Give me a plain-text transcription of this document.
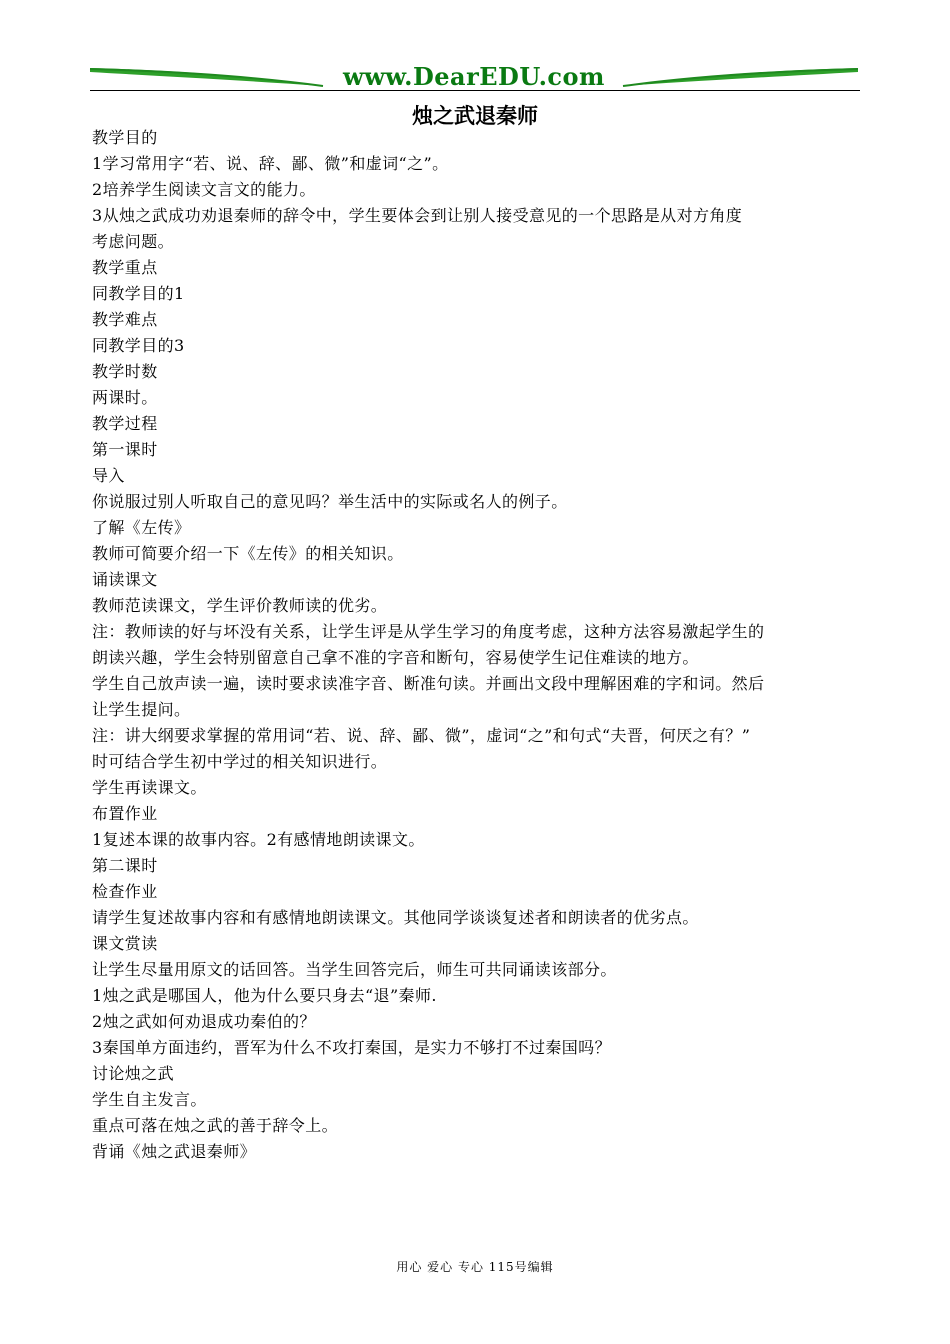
www.DearEDU.com
烛之武退秦师
教学目的
1学习常用字“若、说、辞、鄙、微”和虚词“之”。
2培养学生阅读文言文的能力。
3从烛之武成功劝退秦师的辞令中，学生要体会到让别人接受意见的一个思路是从对方角度
考虑问题。
教学重点
同教学目的1
教学难点
同教学目的3
教学时数
两课时。
教学过程
第一课时
导入
你说服过别人听取自己的意见吗？举生活中的实际或名人的例子。
了解《左传》
教师可简要介绍一下《左传》的相关知识。
诵读课文
教师范读课文，学生评价教师读的优劣。
注：教师读的好与坏没有关系，让学生评是从学生学习的角度考虑，这种方法容易激起学生的
朗读兴趣，学生会特别留意自己拿不准的字音和断句，容易使学生记住难读的地方。
学生自己放声读一遍，读时要求读准字音、断准句读。并画出文段中理解困难的字和词。然后
让学生提问。
注：讲大纲要求掌握的常用词“若、说、辞、鄙、微”，虚词“之”和句式“夫晋，何厌之有？”
时可结合学生初中学过的相关知识进行。
学生再读课文。
布置作业
1复述本课的故事内容。2有感情地朗读课文。
第二课时
检查作业
请学生复述故事内容和有感情地朗读课文。其他同学谈谈复述者和朗读者的优劣点。
课文赏读
让学生尽量用原文的话回答。当学生回答完后，师生可共同诵读该部分。
1烛之武是哪国人，他为什么要只身去“退”秦师.
2烛之武如何劝退成功秦伯的？
3秦国单方面违约，晋军为什么不攻打秦国，是实力不够打不过秦国吗？
讨论烛之武
学生自主发言。
重点可落在烛之武的善于辞令上。
背诵《烛之武退秦师》
用心 爱心 专心 115号编辑
